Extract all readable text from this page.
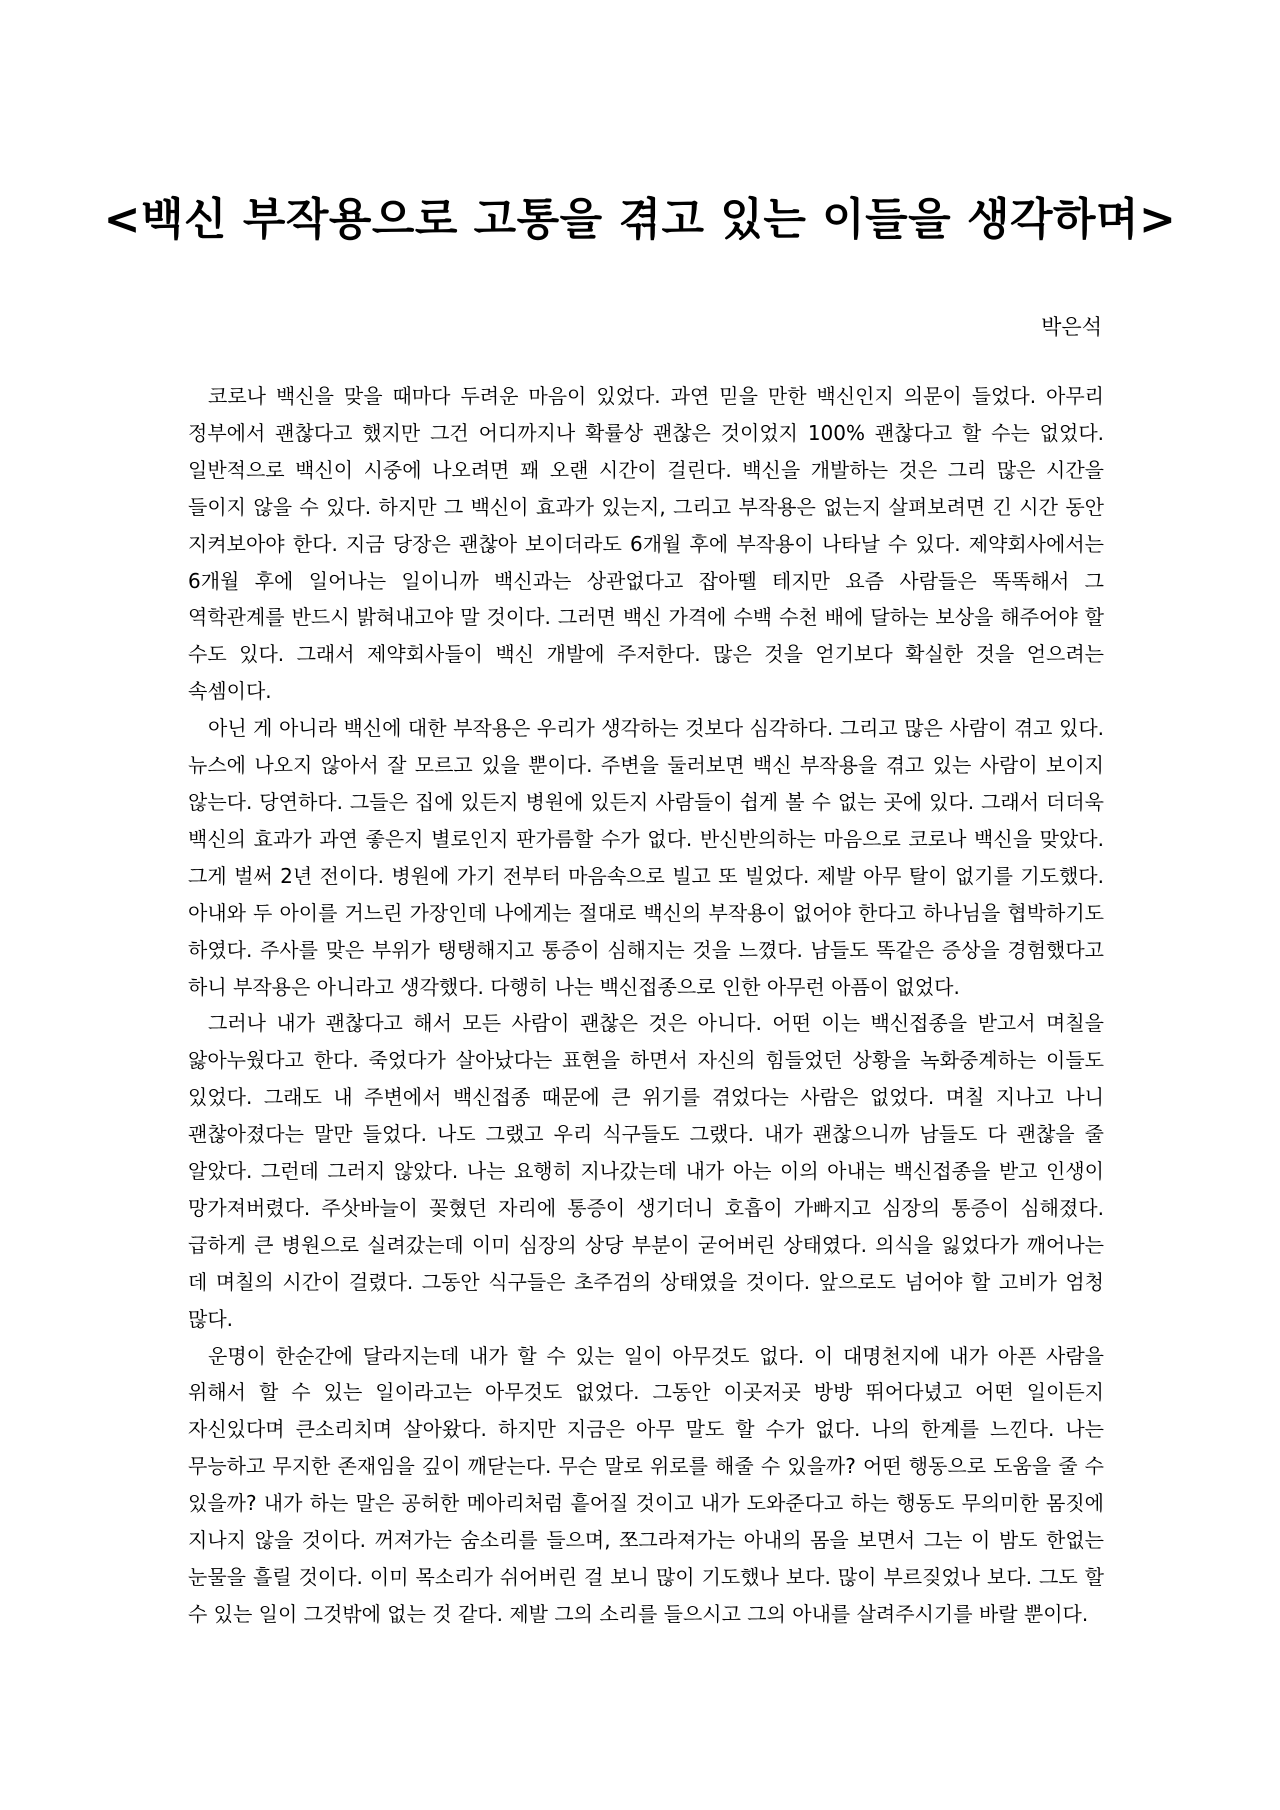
<백신 부작용으로 고통을 겪고 있는 이들을 생각하며>

박은석

코로나 백신을 맞을 때마다 두려운 마음이 있었다. 과연 믿을 만한 백신인지 의문이 들었다. 아무리 정부에서 괜찮다고 했지만 그건 어디까지나 확률상 괜찮은 것이었지 100% 괜찮다고 할 수는 없었다. 일반적으로 백신이 시중에 나오려면 꽤 오랜 시간이 걸린다. 백신을 개발하는 것은 그리 많은 시간을 들이지 않을 수 있다. 하지만 그 백신이 효과가 있는지, 그리고 부작용은 없는지 살펴보려면 긴 시간 동안 지켜보아야 한다. 지금 당장은 괜찮아 보이더라도 6개월 후에 부작용이 나타날 수 있다. 제약회사에서는 6개월 후에 일어나는 일이니까 백신과는 상관없다고 잡아뗄 테지만 요즘 사람들은 똑똑해서 그 역학관계를 반드시 밝혀내고야 말 것이다. 그러면 백신 가격에 수백 수천 배에 달하는 보상을 해주어야 할 수도 있다. 그래서 제약회사들이 백신 개발에 주저한다. 많은 것을 얻기보다 확실한 것을 얻으려는 속셈이다.

아닌 게 아니라 백신에 대한 부작용은 우리가 생각하는 것보다 심각하다. 그리고 많은 사람이 겪고 있다. 뉴스에 나오지 않아서 잘 모르고 있을 뿐이다. 주변을 둘러보면 백신 부작용을 겪고 있는 사람이 보이지 않는다. 당연하다. 그들은 집에 있든지 병원에 있든지 사람들이 쉽게 볼 수 없는 곳에 있다. 그래서 더더욱 백신의 효과가 과연 좋은지 별로인지 판가름할 수가 없다. 반신반의하는 마음으로 코로나 백신을 맞았다. 그게 벌써 2년 전이다. 병원에 가기 전부터 마음속으로 빌고 또 빌었다. 제발 아무 탈이 없기를 기도했다. 아내와 두 아이를 거느린 가장인데 나에게는 절대로 백신의 부작용이 없어야 한다고 하나님을 협박하기도 하였다. 주사를 맞은 부위가 탱탱해지고 통증이 심해지는 것을 느꼈다. 남들도 똑같은 증상을 경험했다고 하니 부작용은 아니라고 생각했다. 다행히 나는 백신접종으로 인한 아무런 아픔이 없었다.

그러나 내가 괜찮다고 해서 모든 사람이 괜찮은 것은 아니다. 어떤 이는 백신접종을 받고서 며칠을 앓아누웠다고 한다. 죽었다가 살아났다는 표현을 하면서 자신의 힘들었던 상황을 녹화중계하는 이들도 있었다. 그래도 내 주변에서 백신접종 때문에 큰 위기를 겪었다는 사람은 없었다. 며칠 지나고 나니 괜찮아졌다는 말만 들었다. 나도 그랬고 우리 식구들도 그랬다. 내가 괜찮으니까 남들도 다 괜찮을 줄 알았다. 그런데 그러지 않았다. 나는 요행히 지나갔는데 내가 아는 이의 아내는 백신접종을 받고 인생이 망가져버렸다. 주삿바늘이 꽂혔던 자리에 통증이 생기더니 호흡이 가빠지고 심장의 통증이 심해졌다. 급하게 큰 병원으로 실려갔는데 이미 심장의 상당 부분이 굳어버린 상태였다. 의식을 잃었다가 깨어나는 데 며칠의 시간이 걸렸다. 그동안 식구들은 초주검의 상태였을 것이다. 앞으로도 넘어야 할 고비가 엄청 많다.

운명이 한순간에 달라지는데 내가 할 수 있는 일이 아무것도 없다. 이 대명천지에 내가 아픈 사람을 위해서 할 수 있는 일이라고는 아무것도 없었다. 그동안 이곳저곳 방방 뛰어다녔고 어떤 일이든지 자신있다며 큰소리치며 살아왔다. 하지만 지금은 아무 말도 할 수가 없다. 나의 한계를 느낀다. 나는 무능하고 무지한 존재임을 깊이 깨닫는다. 무슨 말로 위로를 해줄 수 있을까? 어떤 행동으로 도움을 줄 수 있을까? 내가 하는 말은 공허한 메아리처럼 흩어질 것이고 내가 도와준다고 하는 행동도 무의미한 몸짓에 지나지 않을 것이다. 꺼져가는 숨소리를 들으며, 쪼그라져가는 아내의 몸을 보면서 그는 이 밤도 한없는 눈물을 흘릴 것이다. 이미 목소리가 쉬어버린 걸 보니 많이 기도했나 보다. 많이 부르짖었나 보다. 그도 할 수 있는 일이 그것밖에 없는 것 같다. 제발 그의 소리를 들으시고 그의 아내를 살려주시기를 바랄 뿐이다.
